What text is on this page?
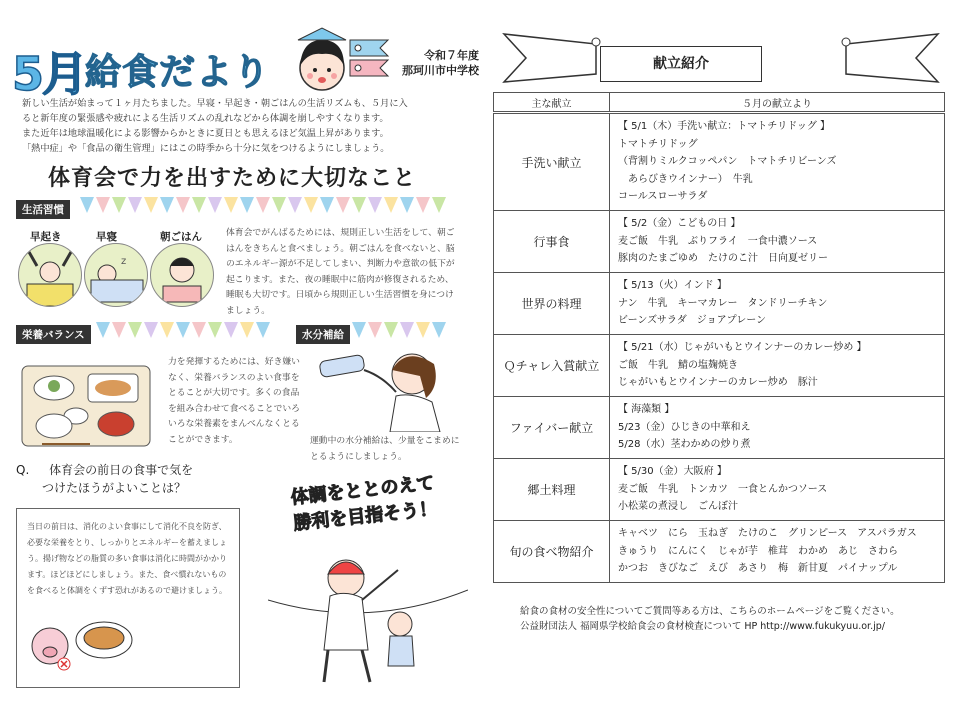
5月
給食だより	令和７年度
那珂川市中学校
新しい生活が始まって１ヶ月たちました。早寝・早起き・朝ごはんの生活リズムも、５月に入
ると新年度の緊張感や疲れによる生活リズムの乱れなどから体調を崩しやすくなります。
また近年は地球温暖化による影響からかときに夏日とも思えるほど気温上昇があります。
「熱中症」や「食品の衛生管理」にはこの時季から十分に気をつけるようにしましょう。
体育会で力を出すために大切なこと
生活習慣
早起き	早寝	朝ごはん
z
体育会でがんばるためには、規則正しい生活をして、朝ごはんをきちんと食べましょう。朝ごはんを食べないと、脳のエネルギー源が不足してしまい、判断力や意欲の低下が起こります。また、夜の睡眠中に筋肉が修復されるため、睡眠も大切です。日頃から規則正しい生活習慣を身につけましょう。
栄養バランス
力を発揮するためには、好き嫌いなく、栄養バランスのよい食事をとることが大切です。多くの食品を組み合わせて食べることでいろいろな栄養素をまんべんなくとることができます。
水分補給
運動中の水分補給は、少量をこまめにとるようにしましょう。
Q. 体育会の前日の食事で気を
つけたほうがよいことは？
当日の前日は、消化のよい食事にして消化不良を防ぎ、必要な栄養をとり、しっかりとエネルギーを蓄えましょう。揚げ物などの脂質の多い食事は消化に時間がかかります。ほどほどにしましょう。また、食べ慣れないものを食べると体調をくずす恐れがあるので避けましょう。
体調をととのえて
勝利を目指そう！
献立紹介
主な献立	５月の献立より
手洗い献立	【 5/1（木）手洗い献立：トマトチリドッグ 】
トマトチリドッグ
（背割りミルクコッペパン　トマトチリビーンズ
　あらびきウインナー）　牛乳
コールスローサラダ

行事食	【 5/2（金）こどもの日 】
麦ご飯　牛乳　ぶりフライ　一食中濃ソース
豚肉のたまごゆめ　たけのこ汁　日向夏ゼリー

世界の料理	【 5/13（火）インド 】
ナン　牛乳　キーマカレー　タンドリーチキン
ビーンズサラダ　ジョアプレーン

Ｑチャレ入賞献立	【 5/21（水）じゃがいもとウインナーのカレー炒め 】
ご飯　牛乳　鯖の塩麹焼き
じゃがいもとウインナーのカレー炒め　豚汁

ファイバー献立	【 海藻類 】
5/23（金）ひじきの中華和え
5/28（水）茎わかめの炒り煮

郷土料理	【 5/30（金）大阪府 】
麦ご飯　牛乳　トンカツ　一食とんかつソース
小松菜の煮浸し　ごんぼ汁

旬の食べ物紹介	キャベツ　にら　玉ねぎ　たけのこ　グリンピース　アスパラガス
きゅうり　にんにく　じゃが芋　椎茸　わかめ　あじ　さわら
かつお　きびなご　えび　あさり　梅　新甘夏　パイナップル
給食の食材の安全性についてご質問等ある方は、こちらのホームページをご覧ください。
公益財団法人 福岡県学校給食会の食材検査について HP http://www.fukukyuu.or.jp/
